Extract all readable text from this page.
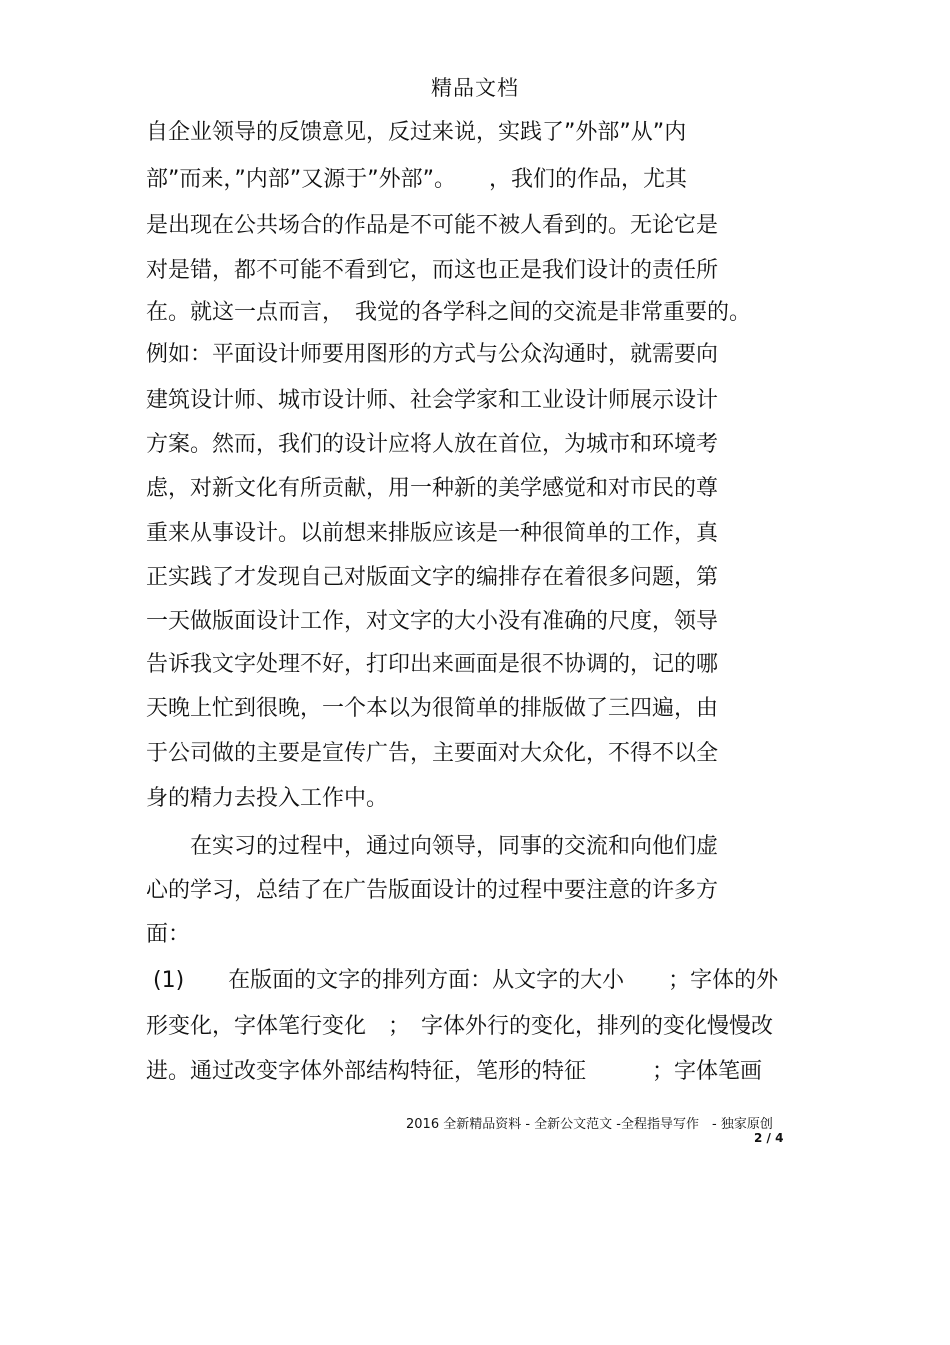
精品文档
自企业领导的反馈意见，反过来说，实践了”外部”从”内
部”而来，”内部”又源于”外部”。　　，我们的作品，尤其
是出现在公共场合的作品是不可能不被人看到的。无论它是
对是错，都不可能不看到它，而这也正是我们设计的责任所
在。就这一点而言，　我觉的各学科之间的交流是非常重要的。
例如：平面设计师要用图形的方式与公众沟通时，就需要向
建筑设计师、城市设计师、社会学家和工业设计师展示设计
方案。然而，我们的设计应将人放在首位，为城市和环境考
虑，对新文化有所贡献，用一种新的美学感觉和对市民的尊
重来从事设计。以前想来排版应该是一种很简单的工作，真
正实践了才发现自己对版面文字的编排存在着很多问题，第
一天做版面设计工作，对文字的大小没有准确的尺度，领导
告诉我文字处理不好，打印出来画面是很不协调的，记的哪
天晚上忙到很晚，一个本以为很简单的排版做了三四遍，由
于公司做的主要是宣传广告，主要面对大众化，不得不以全
身的精力去投入工作中。
　　在实习的过程中，通过向领导，同事的交流和向他们虚
心的学习，总结了在广告版面设计的过程中要注意的许多方
面：
(1)　　在版面的文字的排列方面：从文字的大小　　；字体的外
形变化，字体笔行变化　；　字体外行的变化，排列的变化慢慢改
进。通过改变字体外部结构特征，笔形的特征　　　；字体笔画
2016 全新精品资料 - 全新公文范文 -全程指导写作　- 独家原创
2 / 4
